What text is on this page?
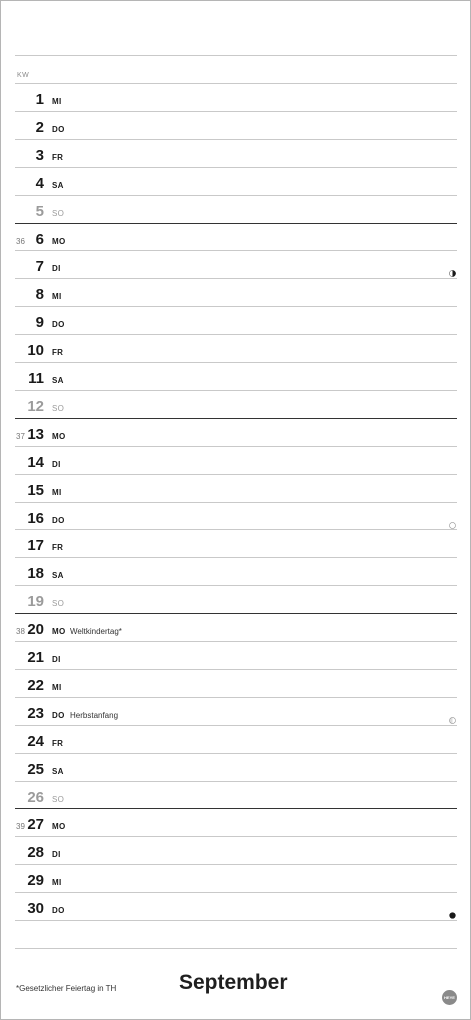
KW
1 MI
2 DO
3 FR
4 SA
5 SO
36 6 MO
7 DI
8 MI
9 DO
10 FR
11 SA
12 SO
37 13 MO
14 DI
15 MI
16 DO
17 FR
18 SA
19 SO
38 20 MO Weltkindertag*
21 DI
22 MI
23 DO Herbstanfang
24 FR
25 SA
26 SO
39 27 MO
28 DI
29 MI
30 DO
*Gesetzlicher Feiertag in TH	September
HEYE
